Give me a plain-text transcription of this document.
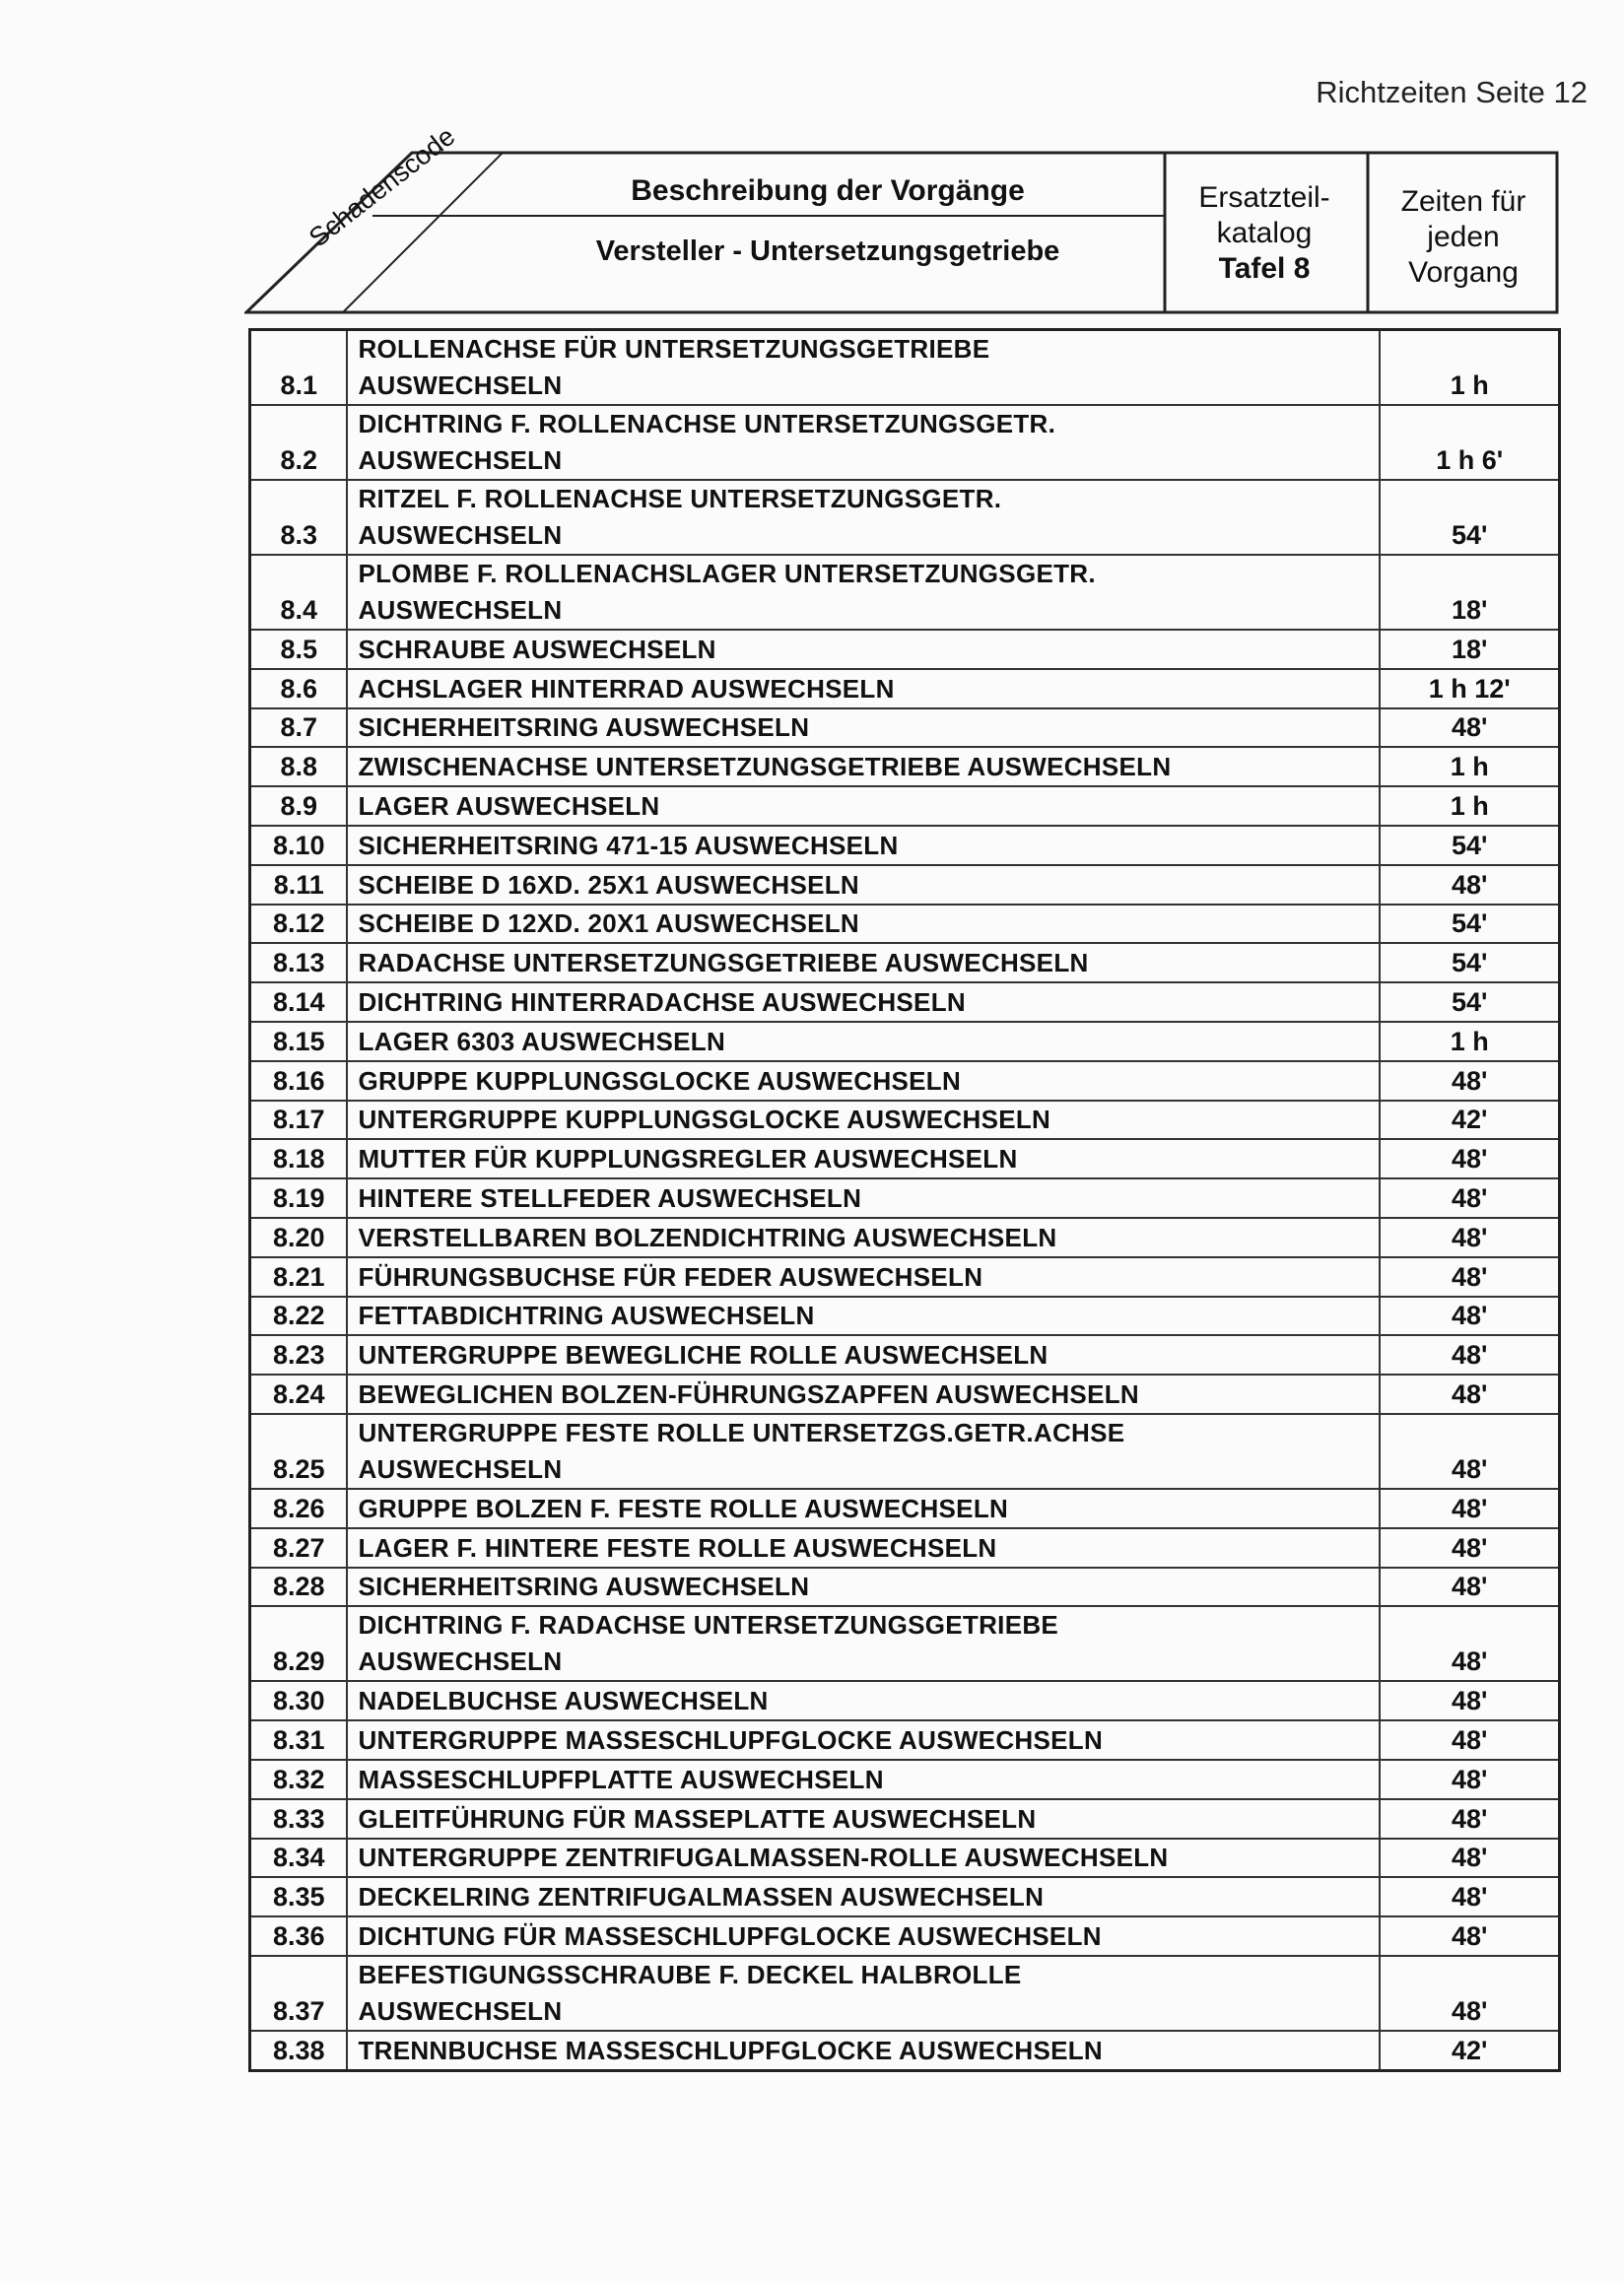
Richtzeiten Seite 12
Schadenscode	Beschreibung der Vorgänge
Versteller - Untersetzungsgetriebe
Ersatzteil-
katalog
Tafel 8
Zeiten für
jeden
Vorgang
8.1	ROLLENACHSE FÜR UNTERSETZUNGSGETRIEBE
AUSWECHSELN	1 h
8.2	DICHTRING F. ROLLENACHSE UNTERSETZUNGSGETR.
AUSWECHSELN	1 h 6'
8.3	RITZEL F. ROLLENACHSE UNTERSETZUNGSGETR.
AUSWECHSELN	54'
8.4	PLOMBE F. ROLLENACHSLAGER UNTERSETZUNGSGETR.
AUSWECHSELN	18'
8.5	SCHRAUBE AUSWECHSELN	18'
8.6	ACHSLAGER HINTERRAD AUSWECHSELN	1 h 12'
8.7	SICHERHEITSRING AUSWECHSELN	48'
8.8	ZWISCHENACHSE UNTERSETZUNGSGETRIEBE AUSWECHSELN	1 h
8.9	LAGER AUSWECHSELN	1 h
8.10	SICHERHEITSRING 471-15 AUSWECHSELN	54'
8.11	SCHEIBE D 16XD. 25X1 AUSWECHSELN	48'
8.12	SCHEIBE D 12XD. 20X1 AUSWECHSELN	54'
8.13	RADACHSE UNTERSETZUNGSGETRIEBE AUSWECHSELN	54'
8.14	DICHTRING HINTERRADACHSE AUSWECHSELN	54'
8.15	LAGER 6303 AUSWECHSELN	1 h
8.16	GRUPPE KUPPLUNGSGLOCKE AUSWECHSELN	48'
8.17	UNTERGRUPPE KUPPLUNGSGLOCKE AUSWECHSELN	42'
8.18	MUTTER FÜR KUPPLUNGSREGLER AUSWECHSELN	48'
8.19	HINTERE STELLFEDER AUSWECHSELN	48'
8.20	VERSTELLBAREN BOLZENDICHTRING AUSWECHSELN	48'
8.21	FÜHRUNGSBUCHSE FÜR FEDER AUSWECHSELN	48'
8.22	FETTABDICHTRING AUSWECHSELN	48'
8.23	UNTERGRUPPE BEWEGLICHE ROLLE AUSWECHSELN	48'
8.24	BEWEGLICHEN BOLZEN-FÜHRUNGSZAPFEN AUSWECHSELN	48'
8.25	UNTERGRUPPE FESTE ROLLE UNTERSETZGS.GETR.ACHSE
AUSWECHSELN	48'
8.26	GRUPPE BOLZEN F. FESTE ROLLE AUSWECHSELN	48'
8.27	LAGER F. HINTERE FESTE ROLLE AUSWECHSELN	48'
8.28	SICHERHEITSRING AUSWECHSELN	48'
8.29	DICHTRING F. RADACHSE UNTERSETZUNGSGETRIEBE
AUSWECHSELN	48'
8.30	NADELBUCHSE AUSWECHSELN	48'
8.31	UNTERGRUPPE MASSESCHLUPFGLOCKE AUSWECHSELN	48'
8.32	MASSESCHLUPFPLATTE AUSWECHSELN	48'
8.33	GLEITFÜHRUNG FÜR MASSEPLATTE AUSWECHSELN	48'
8.34	UNTERGRUPPE ZENTRIFUGALMASSEN-ROLLE AUSWECHSELN	48'
8.35	DECKELRING ZENTRIFUGALMASSEN AUSWECHSELN	48'
8.36	DICHTUNG FÜR MASSESCHLUPFGLOCKE AUSWECHSELN	48'
8.37	BEFESTIGUNGSSCHRAUBE F. DECKEL HALBROLLE
AUSWECHSELN	48'
8.38	TRENNBUCHSE MASSESCHLUPFGLOCKE AUSWECHSELN	42'
